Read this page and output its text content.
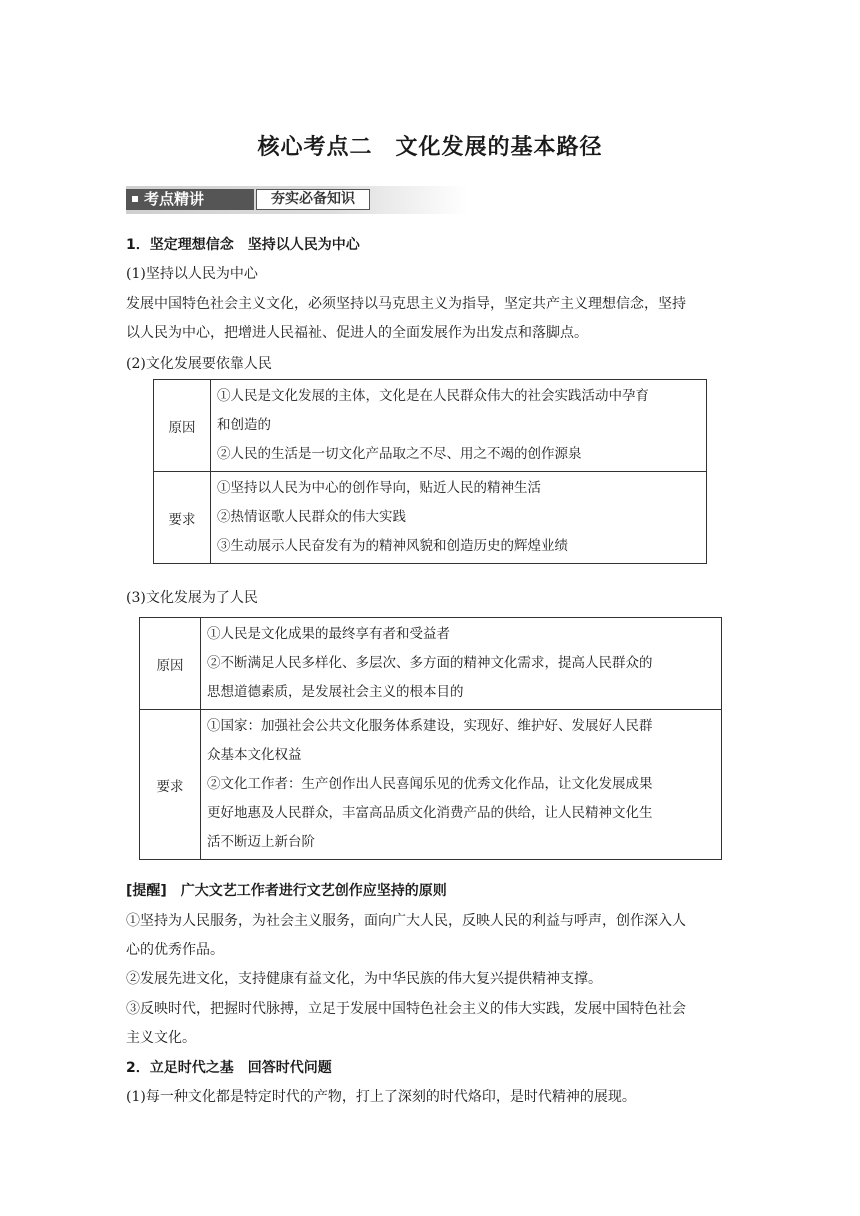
核心考点二　文化发展的基本路径
考点精讲	夯实必备知识
1．坚定理想信念　坚持以人民为中心
(1)坚持以人民为中心
发展中国特色社会主义文化，必须坚持以马克思主义为指导，坚定共产主义理想信念，坚持
以人民为中心，把增进人民福祉、促进人的全面发展作为出发点和落脚点。
(2)文化发展要依靠人民
原因	①人民是文化发展的主体，文化是在人民群众伟大的社会实践活动中孕育
和创造的
②人民的生活是一切文化产品取之不尽、用之不竭的创作源泉

要求	①坚持以人民为中心的创作导向，贴近人民的精神生活
②热情讴歌人民群众的伟大实践
③生动展示人民奋发有为的精神风貌和创造历史的辉煌业绩
(3)文化发展为了人民
原因	①人民是文化成果的最终享有者和受益者
②不断满足人民多样化、多层次、多方面的精神文化需求，提高人民群众的
思想道德素质，是发展社会主义的根本目的

要求	①国家：加强社会公共文化服务体系建设，实现好、维护好、发展好人民群
众基本文化权益
②文化工作者：生产创作出人民喜闻乐见的优秀文化作品，让文化发展成果
更好地惠及人民群众，丰富高品质文化消费产品的供给，让人民精神文化生
活不断迈上新台阶
[提醒]　广大文艺工作者进行文艺创作应坚持的原则
①坚持为人民服务，为社会主义服务，面向广大人民，反映人民的利益与呼声，创作深入人
心的优秀作品。
②发展先进文化，支持健康有益文化，为中华民族的伟大复兴提供精神支撑。
③反映时代，把握时代脉搏，立足于发展中国特色社会主义的伟大实践，发展中国特色社会
主义文化。
2．立足时代之基　回答时代问题
(1)每一种文化都是特定时代的产物，打上了深刻的时代烙印，是时代精神的展现。
